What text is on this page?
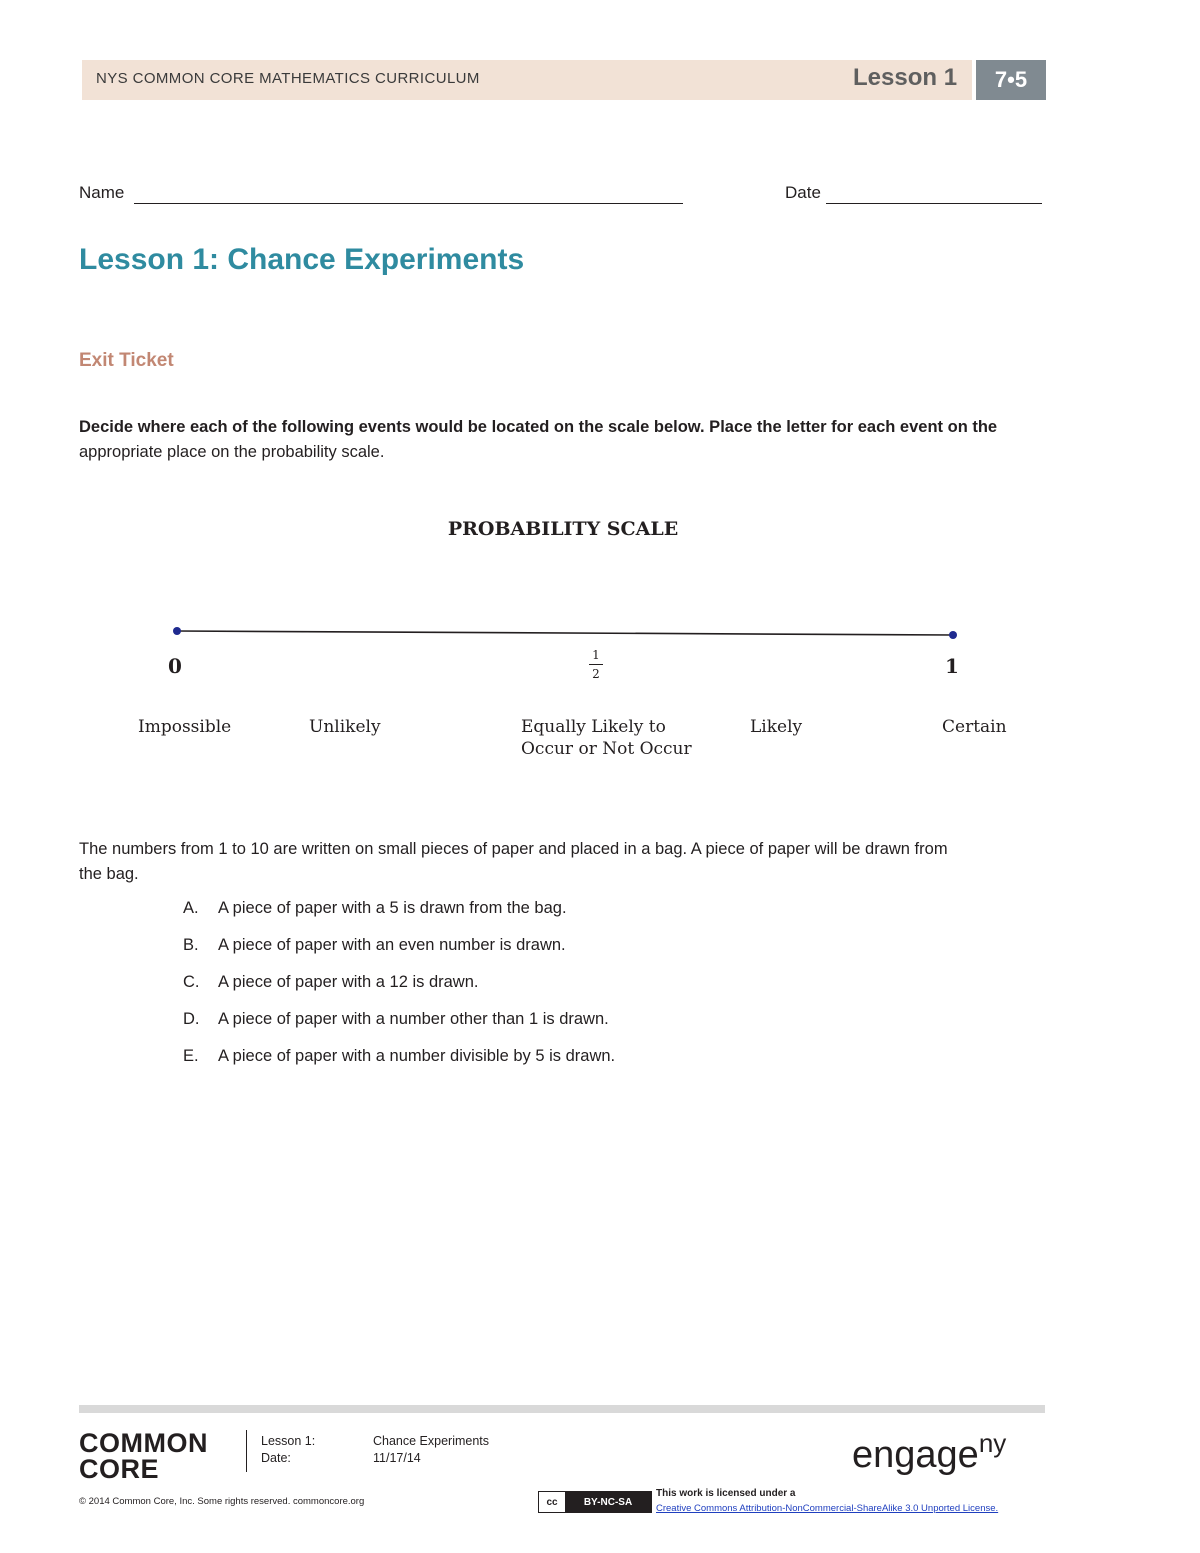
NYS COMMON CORE MATHEMATICS CURRICULUM	Lesson 1	7•5
Name	Date
Lesson 1: Chance Experiments
Exit Ticket
Decide where each of the following events would be located on the scale below. Place the letter for each event on the
appropriate place on the probability scale.
PROBABILITY SCALE
0	1
2	1
Impossible	Unlikely	Equally Likely to
Occur or Not Occur
Likely	Certain
The numbers from 1 to 10 are written on small pieces of paper and placed in a bag. A piece of paper will be drawn from
the bag.
A. A piece of paper with a 5 is drawn from the bag.
B. A piece of paper with an even number is drawn.
C. A piece of paper with a 12 is drawn.
D. A piece of paper with a number other than 1 is drawn.
E. A piece of paper with a number divisible by 5 is drawn.
COMMON
CORE
Lesson 1:	Chance Experiments
Date:	11/17/14	engage$^{ny}$
© 2014 Common Core, Inc. Some rights reserved. commoncore.org	cc	BY-NC-SA
This work is licensed under a
Creative Commons Attribution-NonCommercial-ShareAlike 3.0 Unported License.
